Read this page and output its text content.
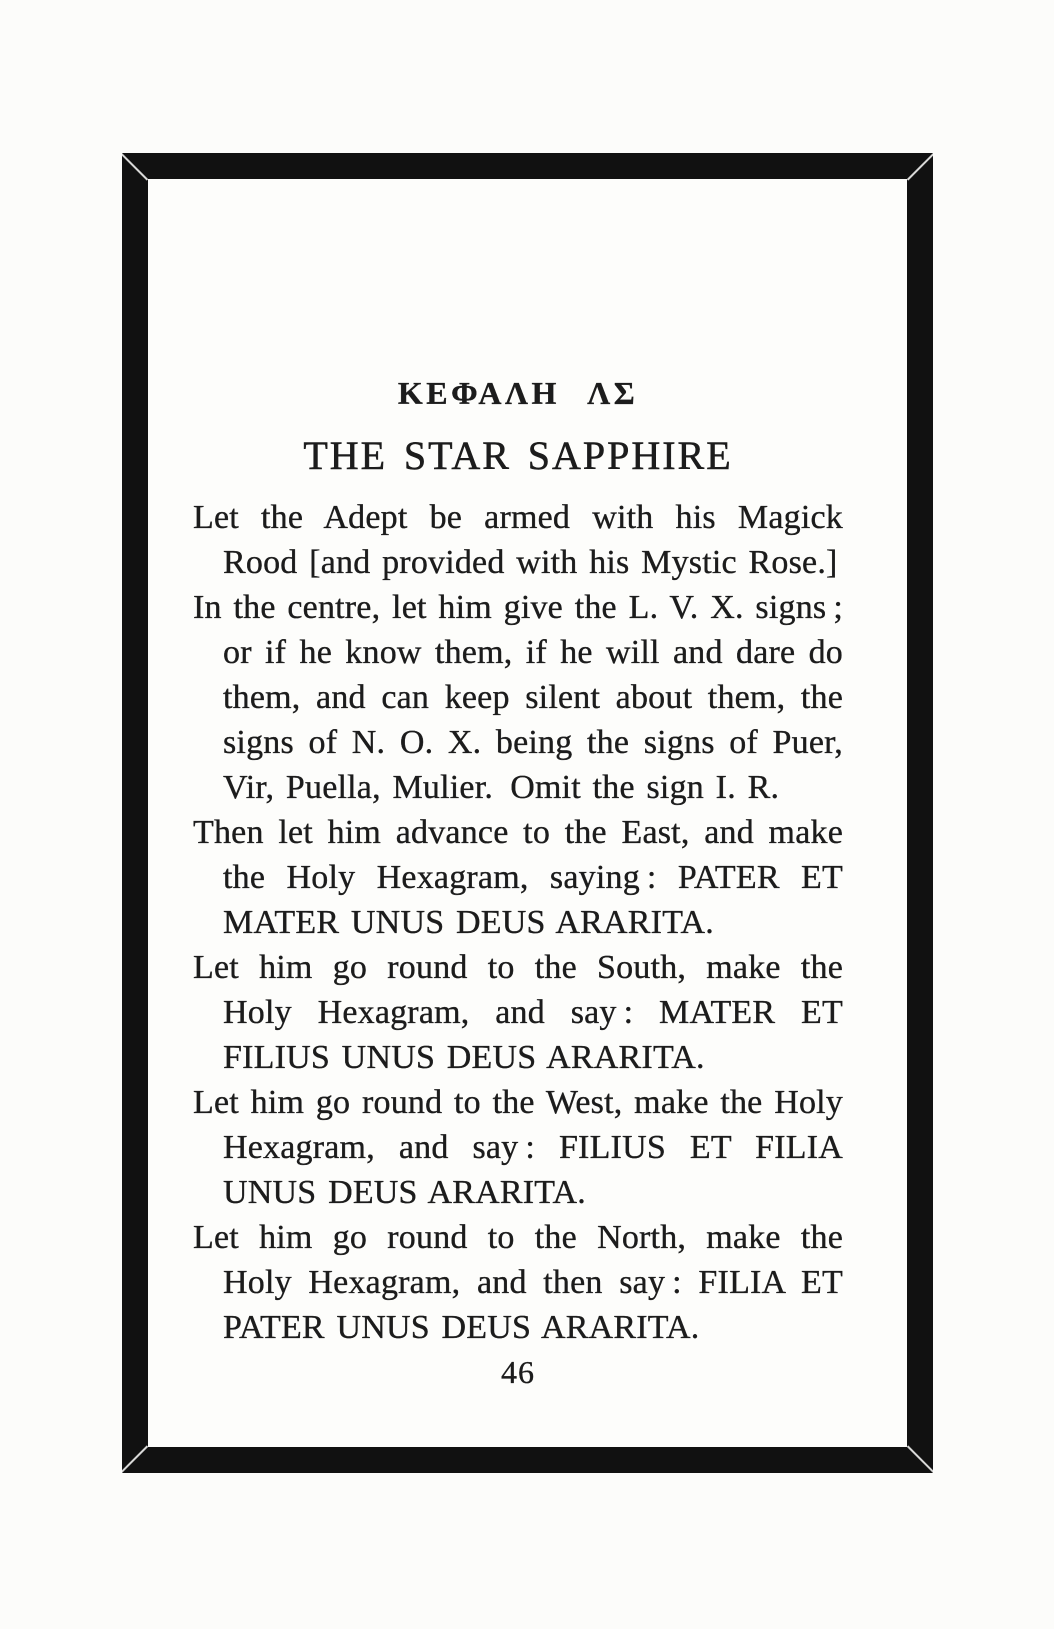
ΚΕΦΑΛΗ ΛΣ
THE STAR SAPPHIRE

Let the Adept be armed with his Magick
Rood [and provided with his Mystic Rose.]

In the centre, let him give the L. V. X. signs ;
or if he know them, if he will and dare do
them, and can keep silent about them, the
signs of N. O. X. being the signs of Puer,
Vir, Puella, Mulier. Omit the sign I. R.

Then let him advance to the East, and make
the Holy Hexagram, saying : PATER ET
MATER UNUS DEUS ARARITA.

Let him go round to the South, make the
Holy Hexagram, and say : MATER ET
FILIUS UNUS DEUS ARARITA.

Let him go round to the West, make the Holy
Hexagram, and say : FILIUS ET FILIA
UNUS DEUS ARARITA.

Let him go round to the North, make the
Holy Hexagram, and then say : FILIA ET
PATER UNUS DEUS ARARITA.

46
